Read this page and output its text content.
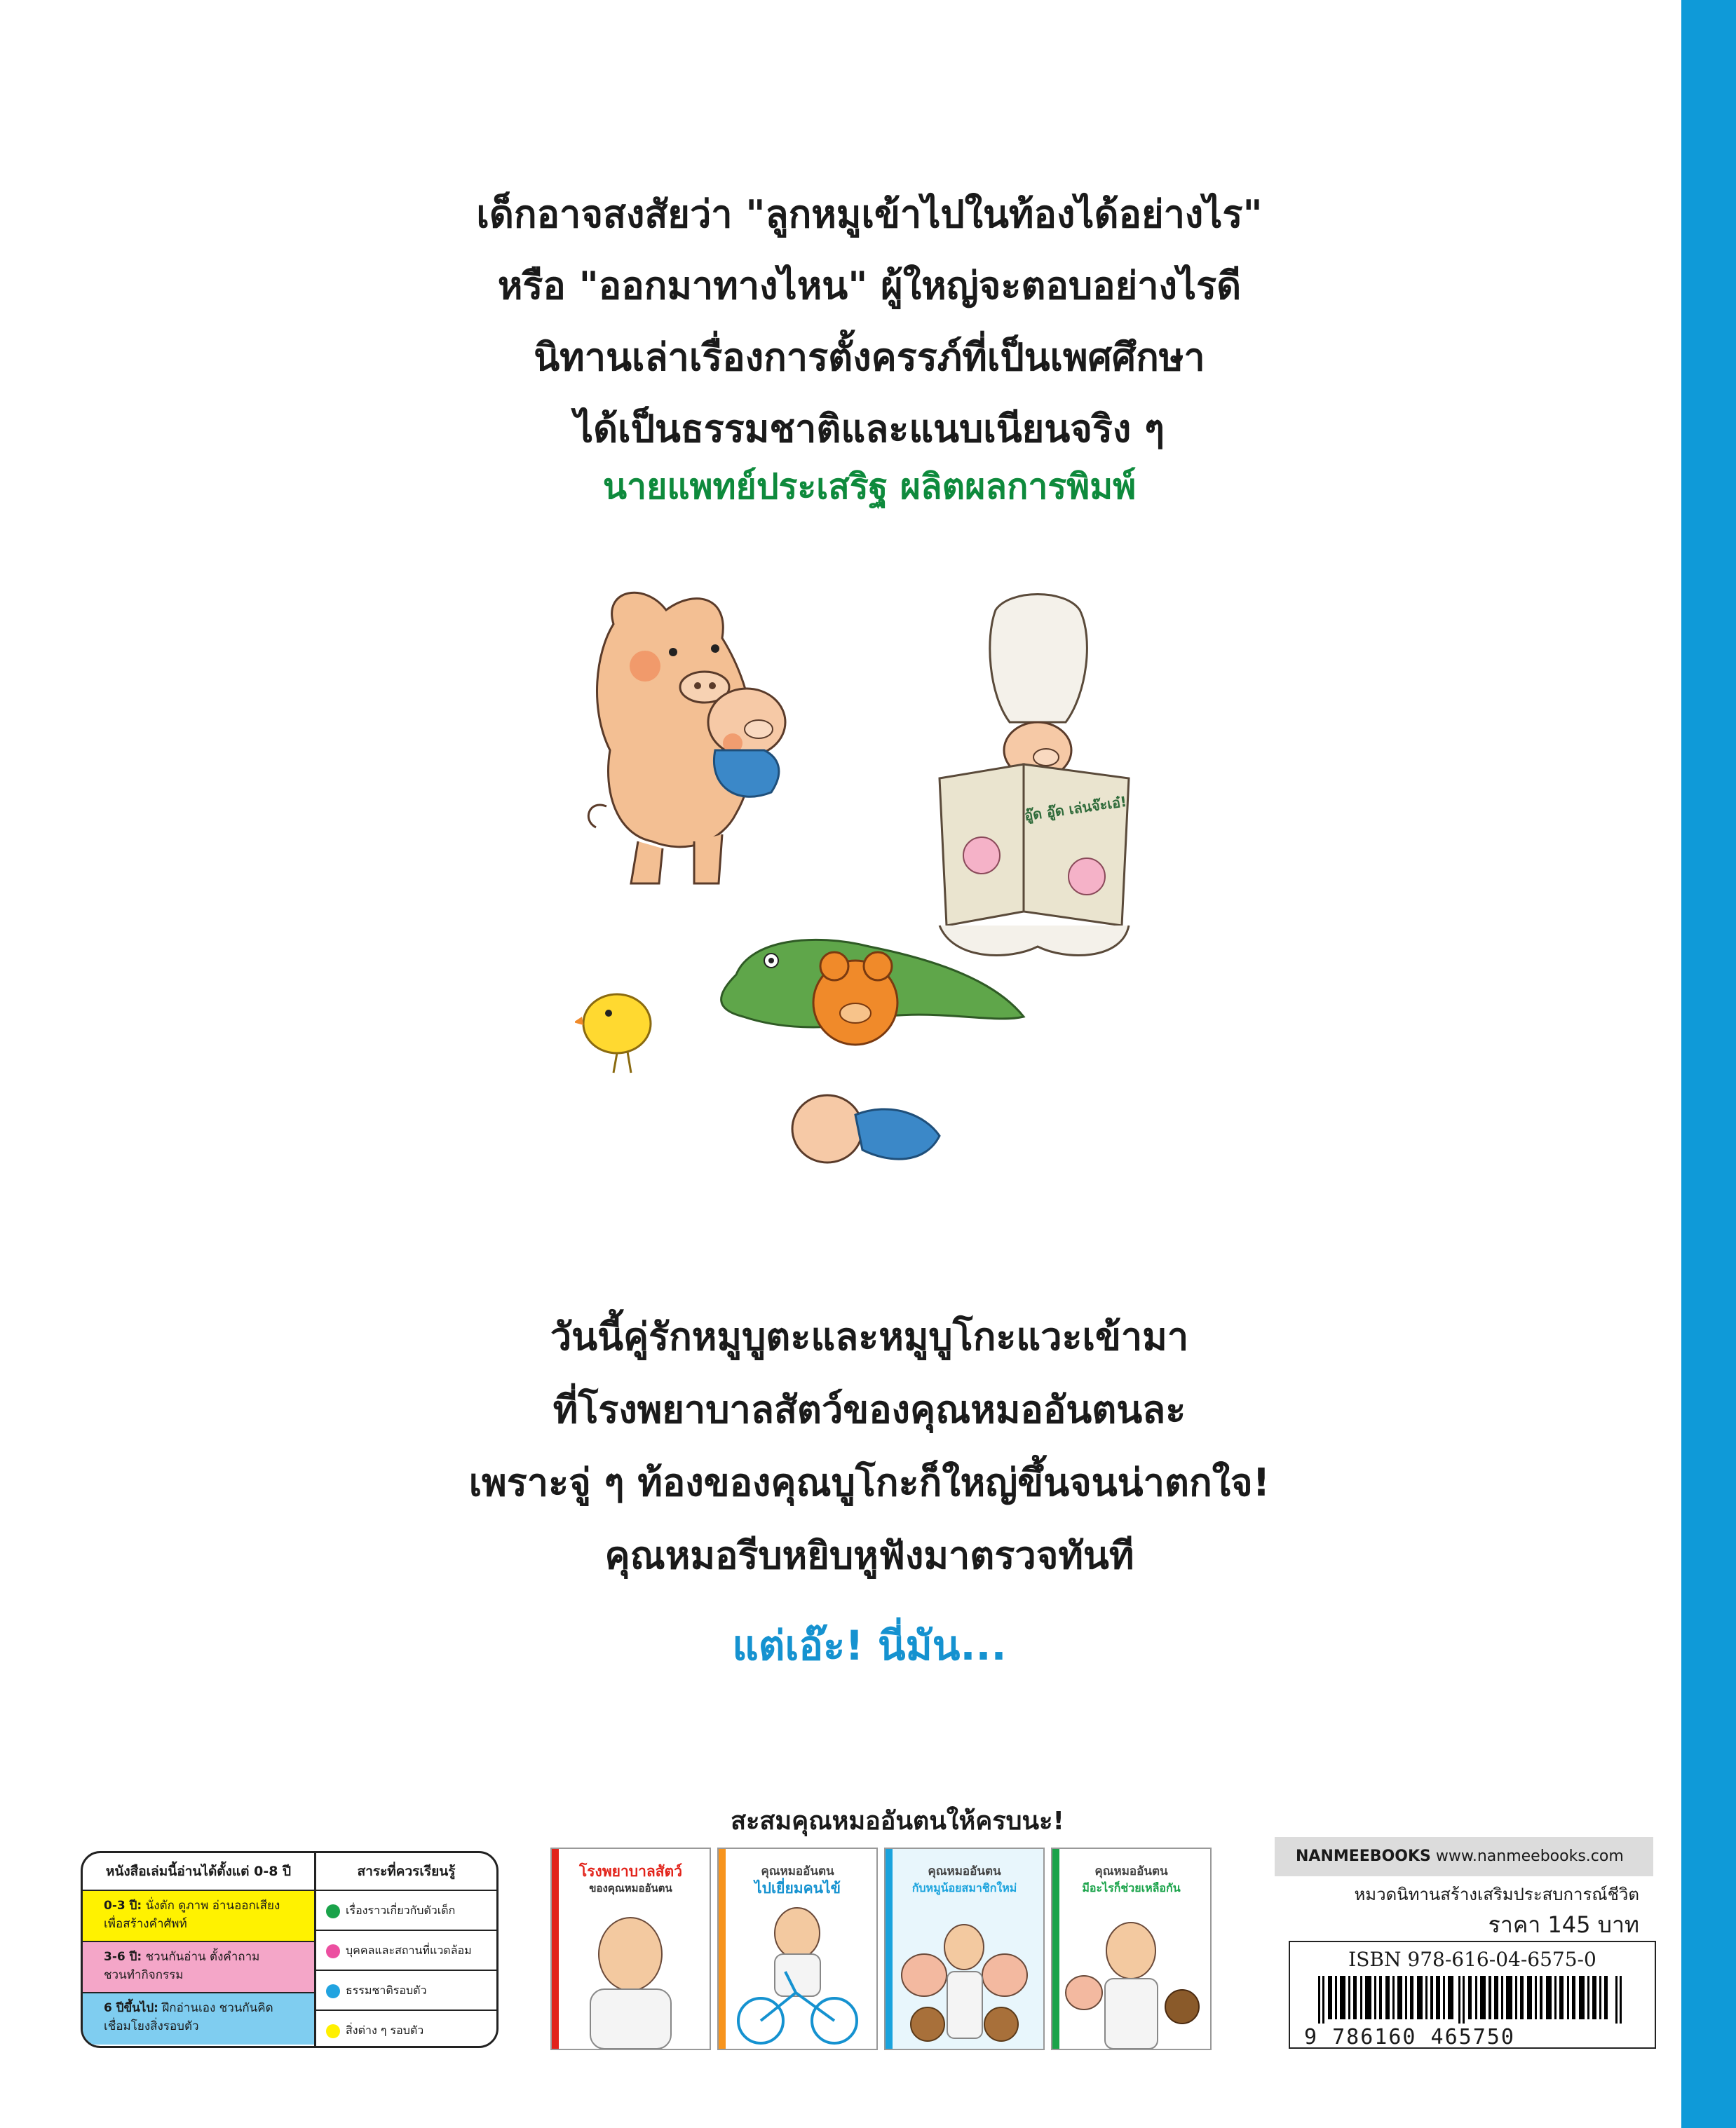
เด็กอาจสงสัยว่า "ลูกหมูเข้าไปในท้องได้อย่างไร"
หรือ "ออกมาทางไหน" ผู้ใหญ่จะตอบอย่างไรดี
นิทานเล่าเรื่องการตั้งครรภ์ที่เป็นเพศศึกษา
ได้เป็นธรรมชาติและแนบเนียนจริง ๆ
นายแพทย์ประเสริฐ ผลิตผลการพิมพ์
อู๊ด อู๊ด เล่นจ๊ะเอ๋!
วันนี้คู่รักหมูบูตะและหมูบูโกะแวะเข้ามา
ที่โรงพยาบาลสัตว์ของคุณหมออันตนละ
เพราะจู่ ๆ ท้องของคุณบูโกะก็ใหญ่ขึ้นจนน่าตกใจ!
คุณหมอรีบหยิบหูฟังมาตรวจทันที
แต่เอ๊ะ! นี่มัน...
สะสมคุณหมออันตนให้ครบนะ!
หนังสือเล่มนี้อ่านได้ตั้งแต่ 0-8 ปี
0-3 ปี: นั่งตัก ดูภาพ อ่านออกเสียง
เพื่อสร้างคำศัพท์
3-6 ปี: ชวนกันอ่าน ตั้งคำถาม
ชวนทำกิจกรรม
6 ปีขึ้นไป: ฝึกอ่านเอง ชวนกันคิด
เชื่อมโยงสิ่งรอบตัว
สาระที่ควรเรียนรู้
เรื่องราวเกี่ยวกับตัวเด็ก
บุคคลและสถานที่แวดล้อม
ธรรมชาติรอบตัว
สิ่งต่าง ๆ รอบตัว
โรงพยาบาลสัตว์
ของคุณหมออันตน
คุณหมออันตน
ไปเยี่ยมคนไข้
คุณหมออันตน
กับหมูน้อยสมาชิกใหม่
คุณหมออันตน
มีอะไรก็ช่วยเหลือกัน
NANMEEBOOKS www.nanmeebooks.com
หมวดนิทานสร้างเสริมประสบการณ์ชีวิต
ราคา 145 บาท
ISBN 978-616-04-6575-0
9 786160 465750
